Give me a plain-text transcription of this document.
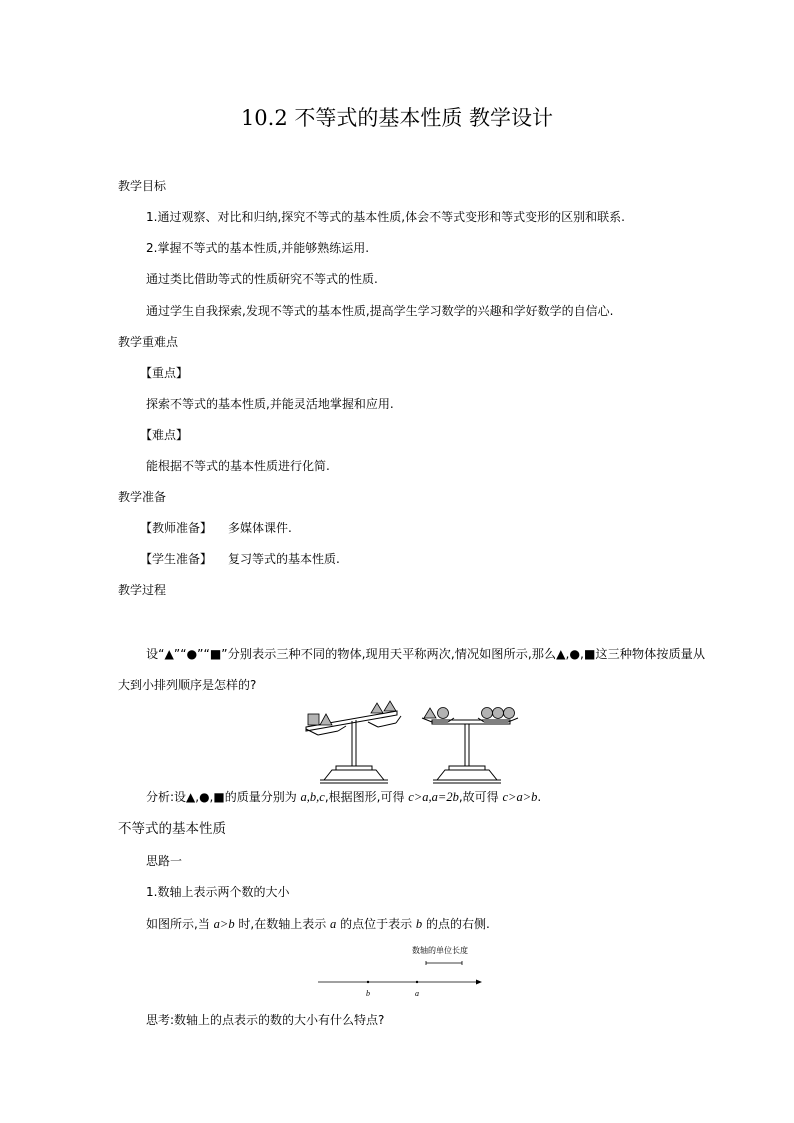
10.2 不等式的基本性质 教学设计
教学目标
1.通过观察、对比和归纳,探究不等式的基本性质,体会不等式变形和等式变形的区别和联系.
2.掌握不等式的基本性质,并能够熟练运用.
通过类比借助等式的性质研究不等式的性质.
通过学生自我探索,发现不等式的基本性质,提高学生学习数学的兴趣和学好数学的自信心.
教学重难点
【重点】
探索不等式的基本性质,并能灵活地掌握和应用.
【难点】
能根据不等式的基本性质进行化简.
教学准备
【教师准备】 多媒体课件.
【学生准备】 复习等式的基本性质.
教学过程
设“▲”“●”“■”分别表示三种不同的物体,现用天平称两次,情况如图所示,那么▲,●,■这三种物体按质量从
大到小排列顺序是怎样的?
分析:设▲,●,■的质量分别为 a,b,c,根据图形,可得 c>a,a=2b,故可得 c>a>b.
不等式的基本性质
思路一
1.数轴上表示两个数的大小
如图所示,当 a>b 时,在数轴上表示 a 的点位于表示 b 的点的右侧.
数轴的单位长度
b	a
思考:数轴上的点表示的数的大小有什么特点?
